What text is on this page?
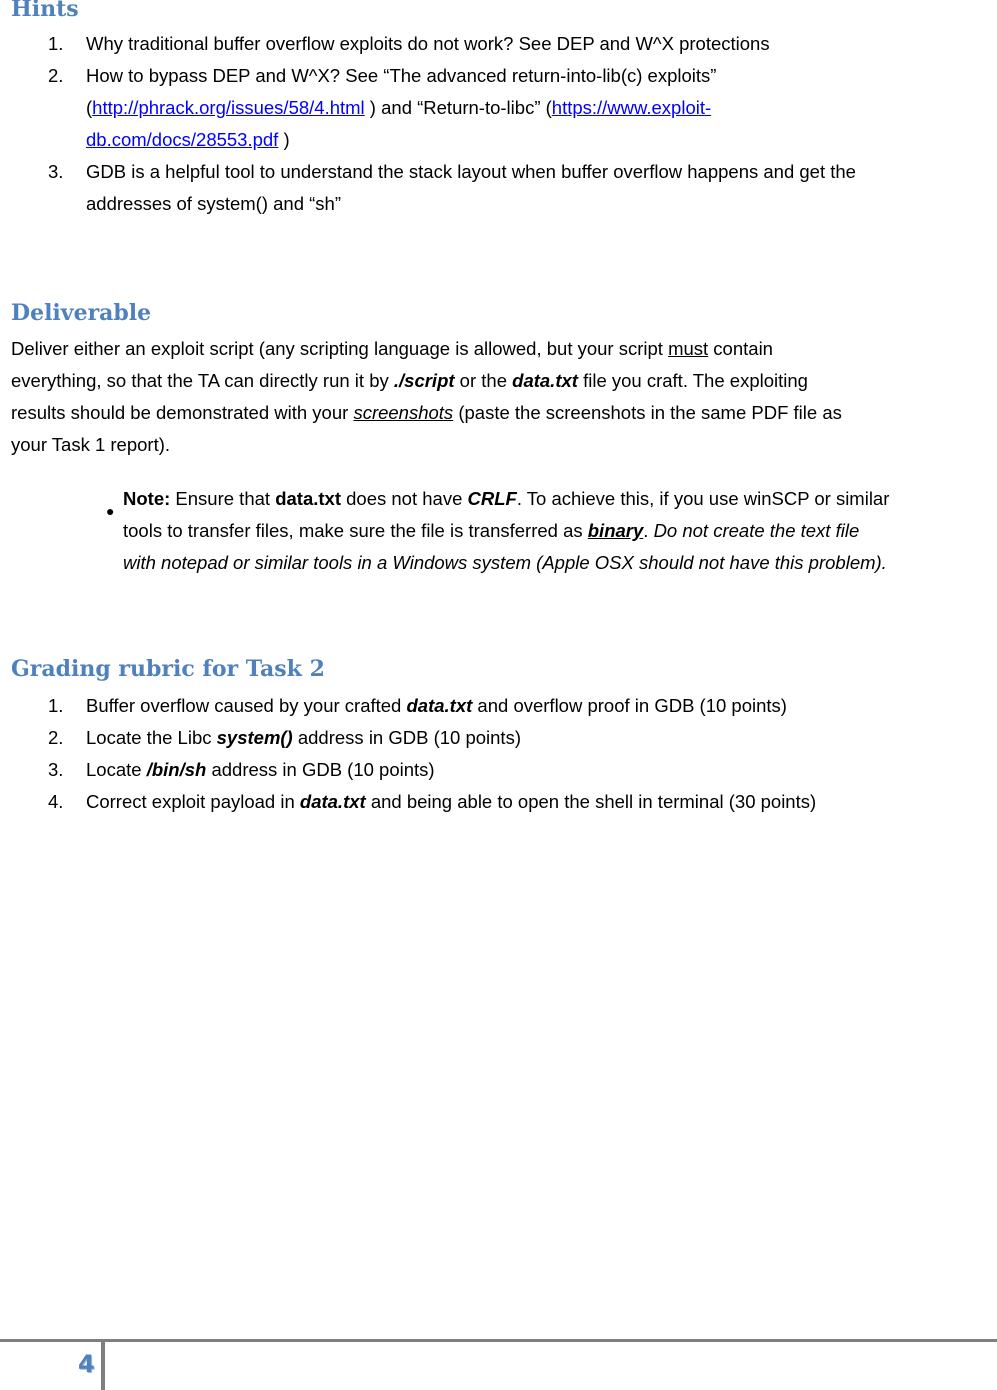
Hints
1. Why traditional buffer overflow exploits do not work? See DEP and W^X protections
2. How to bypass DEP and W^X? See “The advanced return-into-lib(c) exploits”
(http://phrack.org/issues/58/4.html ) and “Return-to-libc” (https://www.exploit-
db.com/docs/28553.pdf )
3. GDB is a helpful tool to understand the stack layout when buffer overflow happens and get the
addresses of system() and “sh”
Deliverable
Deliver either an exploit script (any scripting language is allowed, but your script must contain
everything, so that the TA can directly run it by ./script or the data.txt file you craft. The exploiting
results should be demonstrated with your screenshots (paste the screenshots in the same PDF file as
your Task 1 report).
●
Note: Ensure that data.txt does not have CRLF. To achieve this, if you use winSCP or similar
tools to transfer files, make sure the file is transferred as binary. Do not create the text file
with notepad or similar tools in a Windows system (Apple OSX should not have this problem).
Grading rubric for Task 2
1. Buffer overflow caused by your crafted data.txt and overflow proof in GDB (10 points)
2. Locate the Libc system() address in GDB (10 points)
3. Locate /bin/sh address in GDB (10 points)
4. Correct exploit payload in data.txt and being able to open the shell in terminal (30 points)
4
